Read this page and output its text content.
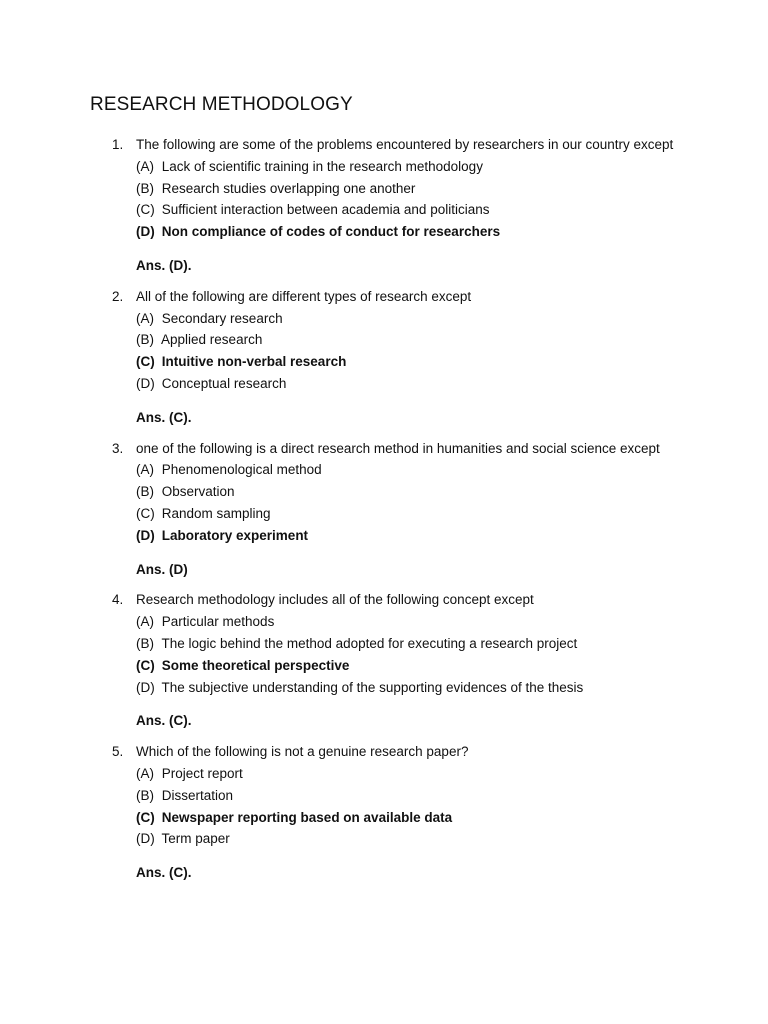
RESEARCH METHODOLOGY
1. The following are some of the problems encountered by researchers in our country except

(A) Lack of scientific training in the research methodology
(B) Research studies overlapping one another
(C) Sufficient interaction between academia and politicians
(D) Non compliance of codes of conduct for researchers
Ans. (D).
2. All of the following are different types of research except

(A) Secondary research
(B) Applied research
(C) Intuitive non-verbal research
(D) Conceptual research
Ans. (C).
3. one of the following is a direct research method in humanities and social science except

(A) Phenomenological method
(B) Observation
(C) Random sampling
(D) Laboratory experiment
Ans. (D)
4. Research methodology includes all of the following concept except

(A) Particular methods
(B) The logic behind the method adopted for executing a research project
(C) Some theoretical perspective
(D) The subjective understanding of the supporting evidences of the thesis
Ans. (C).
5. Which of the following is not a genuine research paper?

(A) Project report
(B) Dissertation
(C) Newspaper reporting based on available data
(D) Term paper
Ans. (C).
